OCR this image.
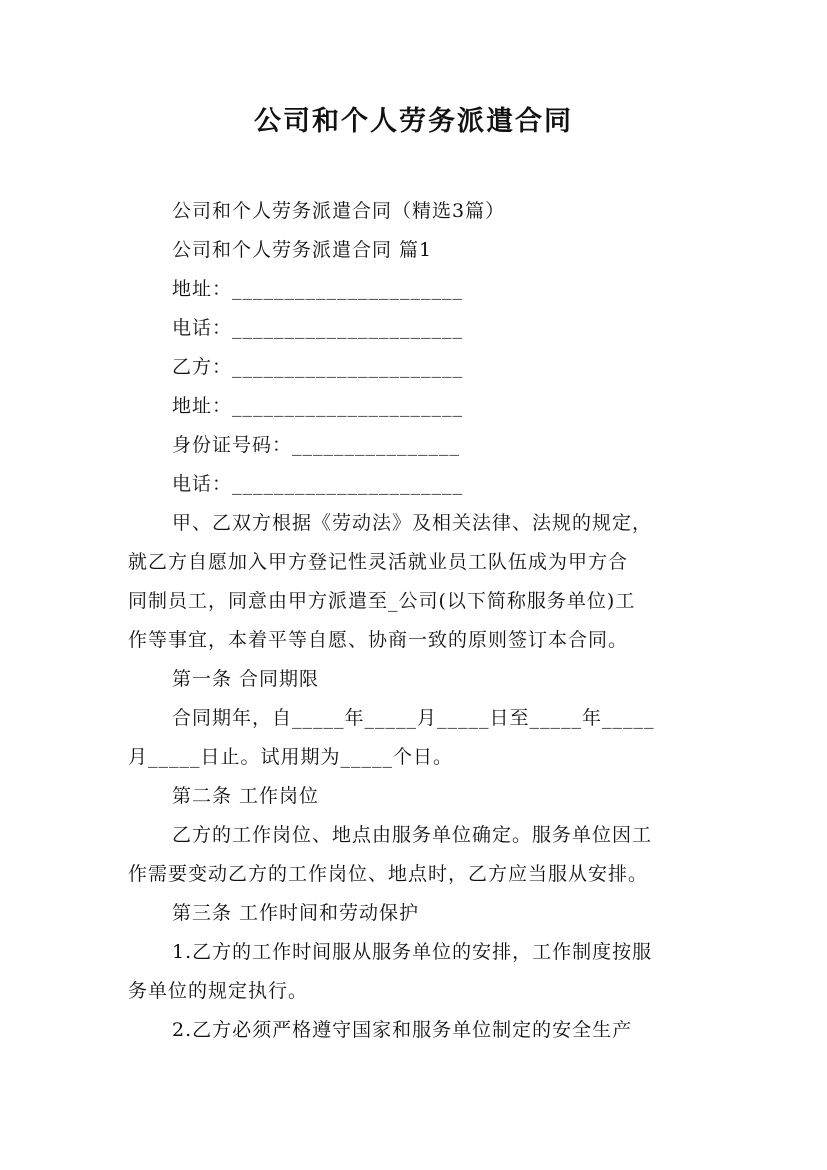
公司和个人劳务派遣合同
公司和个人劳务派遣合同（精选3篇）
公司和个人劳务派遣合同 篇1
地址：______________________
电话：______________________
乙方：______________________
地址：______________________
身份证号码：________________
电话：______________________
甲、乙双方根据《劳动法》及相关法律、法规的规定，
就乙方自愿加入甲方登记性灵活就业员工队伍成为甲方合
同制员工，同意由甲方派遣至_公司(以下简称服务单位)工
作等事宜，本着平等自愿、协商一致的原则签订本合同。
第一条 合同期限
合同期年，自_____年_____月_____日至_____年_____
月_____日止。试用期为_____个日。
第二条 工作岗位
乙方的工作岗位、地点由服务单位确定。服务单位因工
作需要变动乙方的工作岗位、地点时，乙方应当服从安排。
第三条 工作时间和劳动保护
1.乙方的工作时间服从服务单位的安排，工作制度按服
务单位的规定执行。
2.乙方必须严格遵守国家和服务单位制定的安全生产
